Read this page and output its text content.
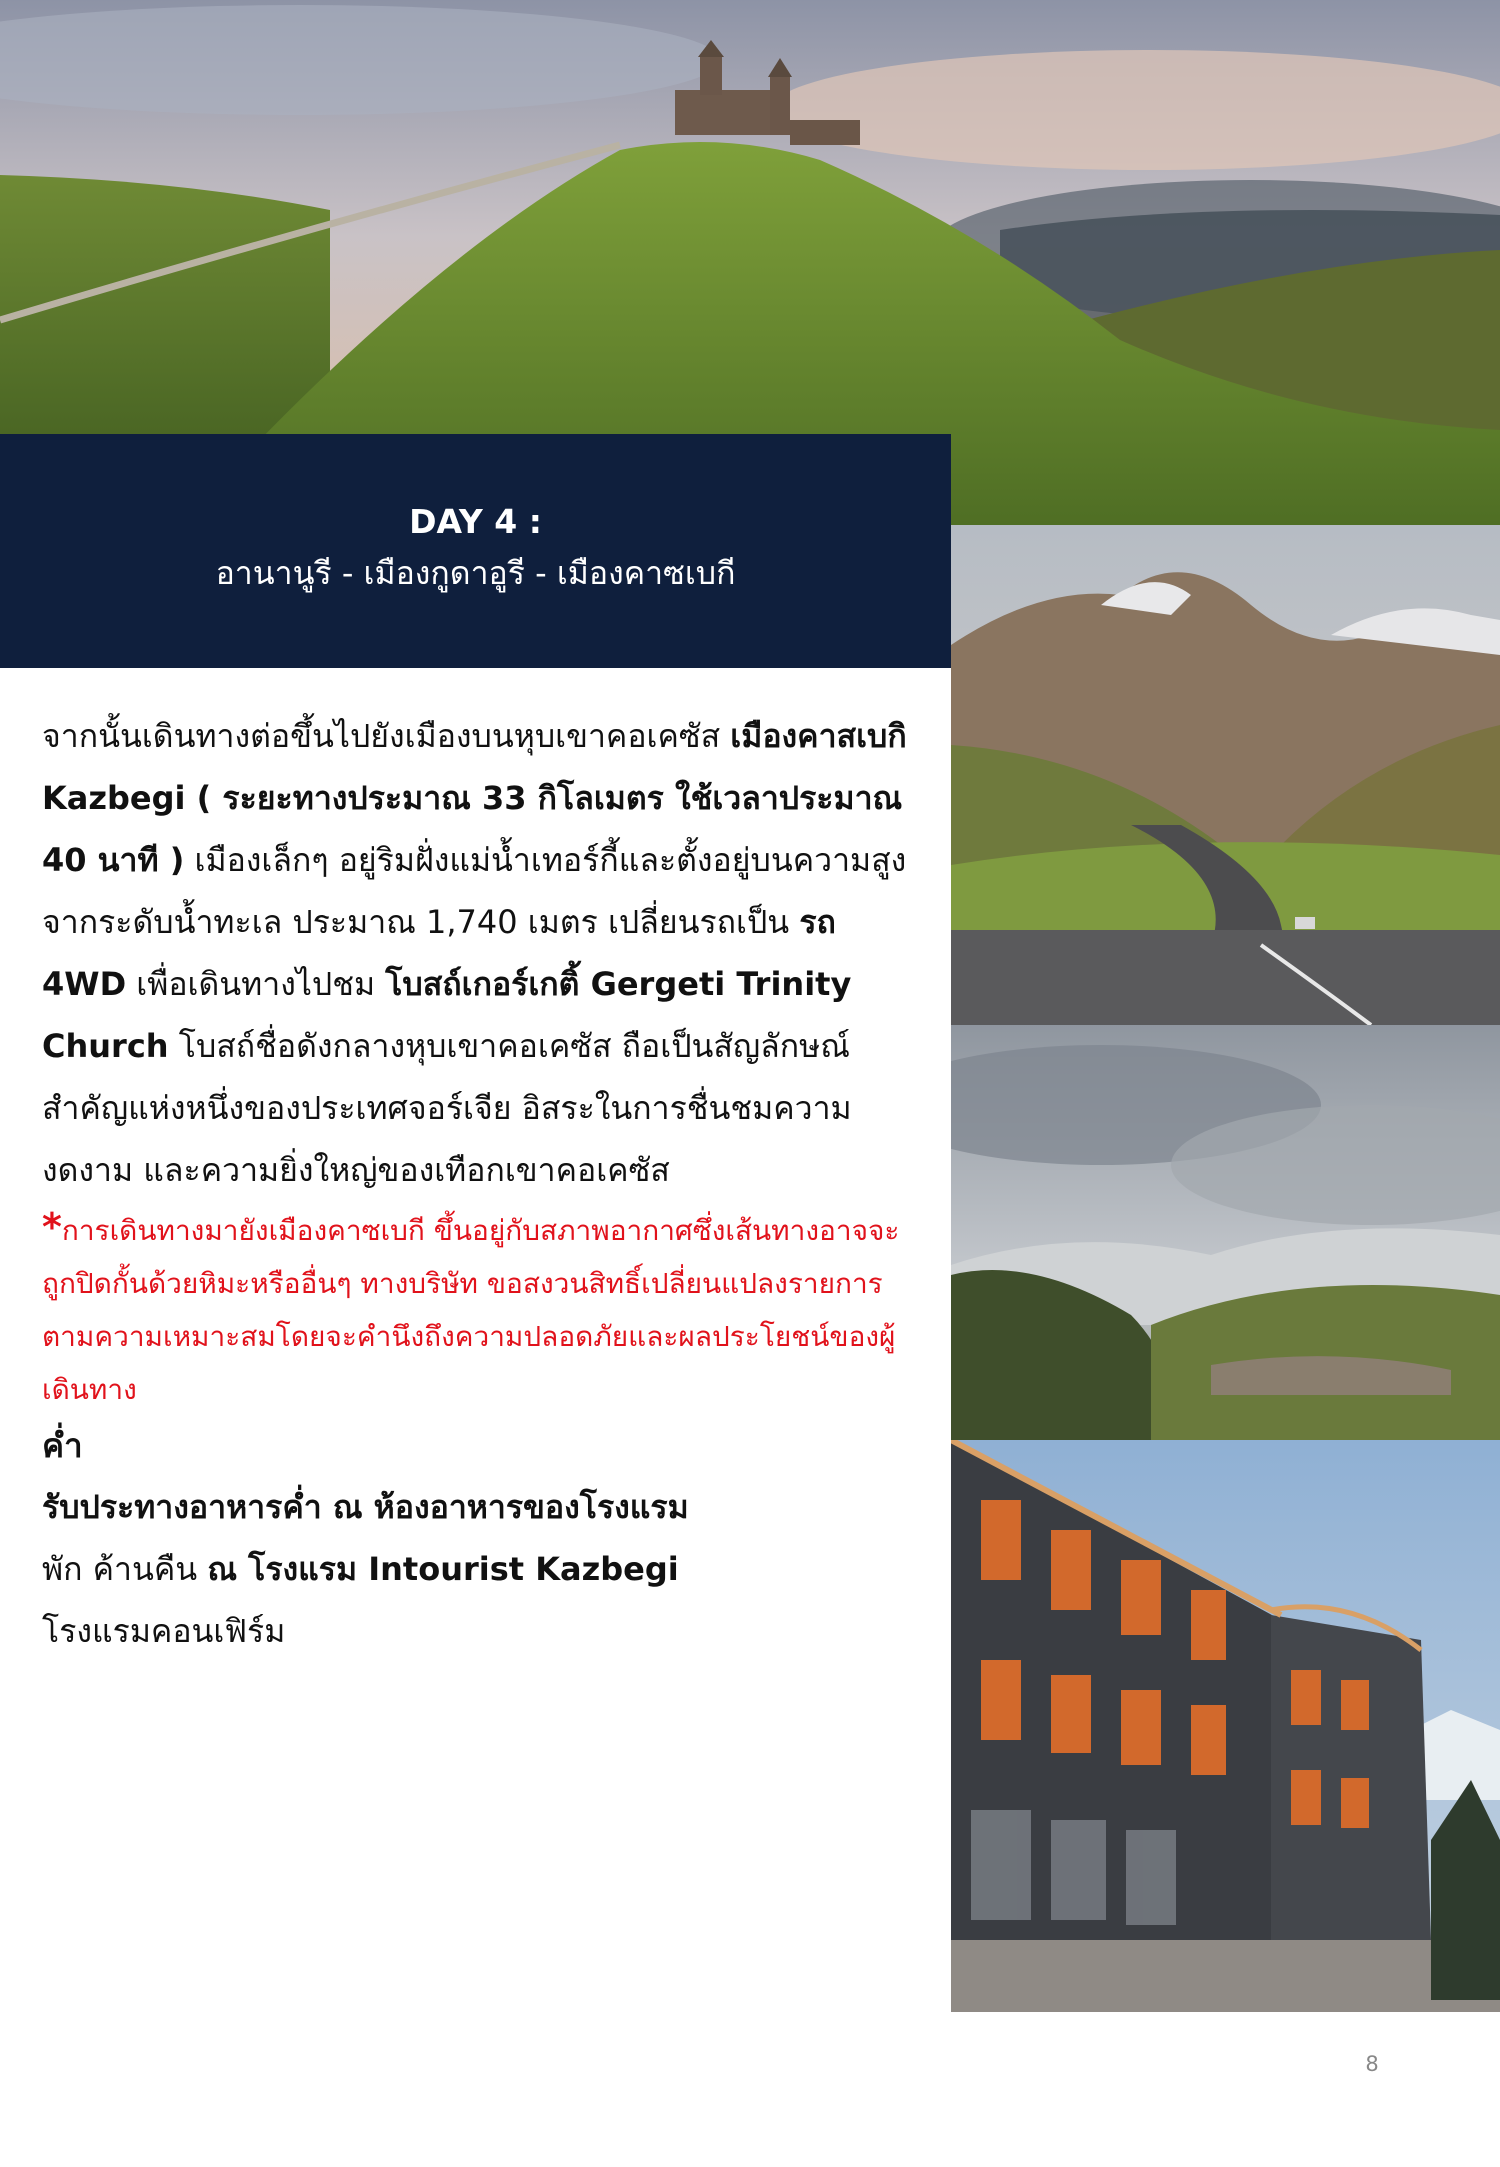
DAY 4 :
อานานูรี - เมืองกูดาอูรี - เมืองคาซเบกี

จากนั้นเดินทางต่อขึ้นไปยังเมืองบนหุบเขาคอเคซัส เมืองคาสเบกิ Kazbegi ( ระยะทางประมาณ 33 กิโลเมตร ใช้เวลาประมาณ 40 นาที ) เมืองเล็กๆ อยู่ริมฝั่งแม่น้ำเทอร์กี้และตั้งอยู่บนความสูงจากระดับน้ำทะเล ประมาณ 1,740 เมตร เปลี่ยนรถเป็น รถ 4WD เพื่อเดินทางไปชม โบสถ์เกอร์เกติ้ Gergeti Trinity Church โบสถ์ชื่อดังกลางหุบเขาคอเคซัส ถือเป็นสัญลักษณ์สำคัญแห่งหนึ่งของประเทศจอร์เจีย อิสระในการชื่นชมความงดงาม และความยิ่งใหญ่ของเทือกเขาคอเคซัส

*การเดินทางมายังเมืองคาซเบกี ขึ้นอยู่กับสภาพอากาศซึ่งเส้นทางอาจจะถูกปิดกั้นด้วยหิมะหรืออื่นๆ ทางบริษัท ขอสงวนสิทธิ์เปลี่ยนแปลงรายการตามความเหมาะสมโดยจะคำนึงถึงความปลอดภัยและผลประโยชน์ของผู้เดินทาง

ค่ำ

รับประทางอาหารค่ำ ณ ห้องอาหารของโรงแรม

พัก ค้านคืน ณ โรงแรม Intourist Kazbegi

โรงแรมคอนเฟิร์ม

8
